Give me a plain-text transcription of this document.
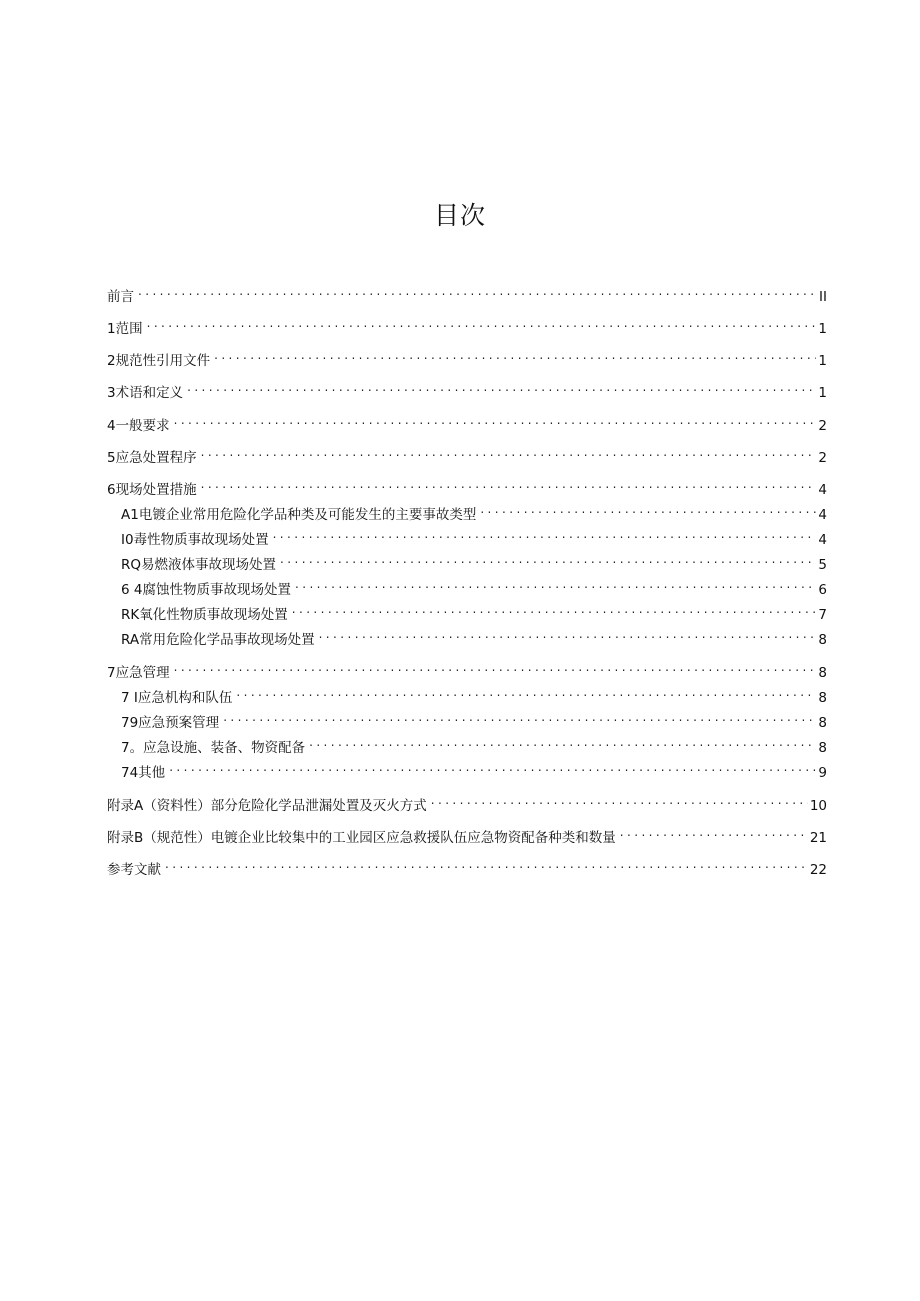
目次
前言 . . .	II
1范围 . . .	1
2规范性引用文件 . . .	1
3术语和定义 . . .	1
4一般要求 . . .	2
5应急处置程序 . . .	2
6现场处置措施 . . .	4
A1电镀企业常用危险化学品种类及可能发生的主要事故类型 . . .	4
I0毒性物质事故现场处置 . . .	4
RQ易燃液体事故现场处置 . . .	5
6 4腐蚀性物质事故现场处置 . . .	6
RK氧化性物质事故现场处置 . . .	7
RA常用危险化学品事故现场处置 . . .	8
7应急管理 . . .	8
7 I应急机构和队伍 . . .	8
79应急预案管理 . . .	8
7。应急设施、装备、物资配备 . . .	8
74其他 . . .	9
附录A（资料性）部分危险化学品泄漏处置及灭火方式 . . .	10
附录B（规范性）电镀企业比较集中的工业园区应急救援队伍应急物资配备种类和数量 . . .	21
参考文献 . . .	22
